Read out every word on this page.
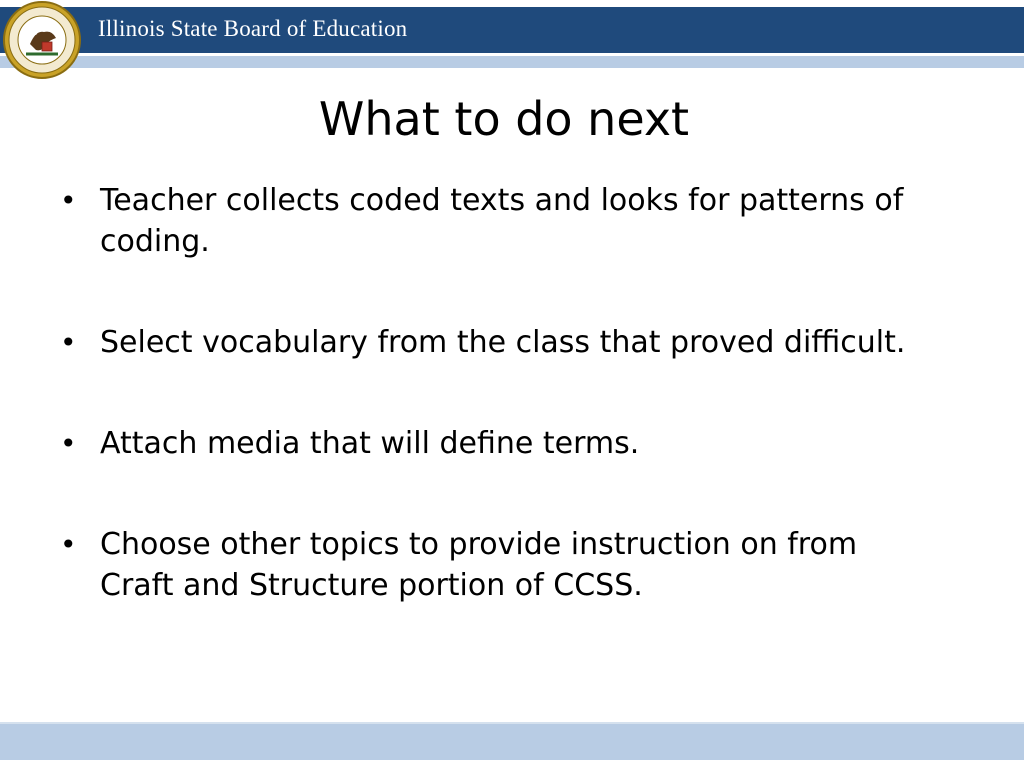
Illinois State Board of Education
What to do next
• Teacher collects coded texts and looks for patterns of coding.
• Select vocabulary from the class that proved difficult.
• Attach media that will define terms.
• Choose other topics to provide instruction on from Craft and Structure portion of CCSS.
